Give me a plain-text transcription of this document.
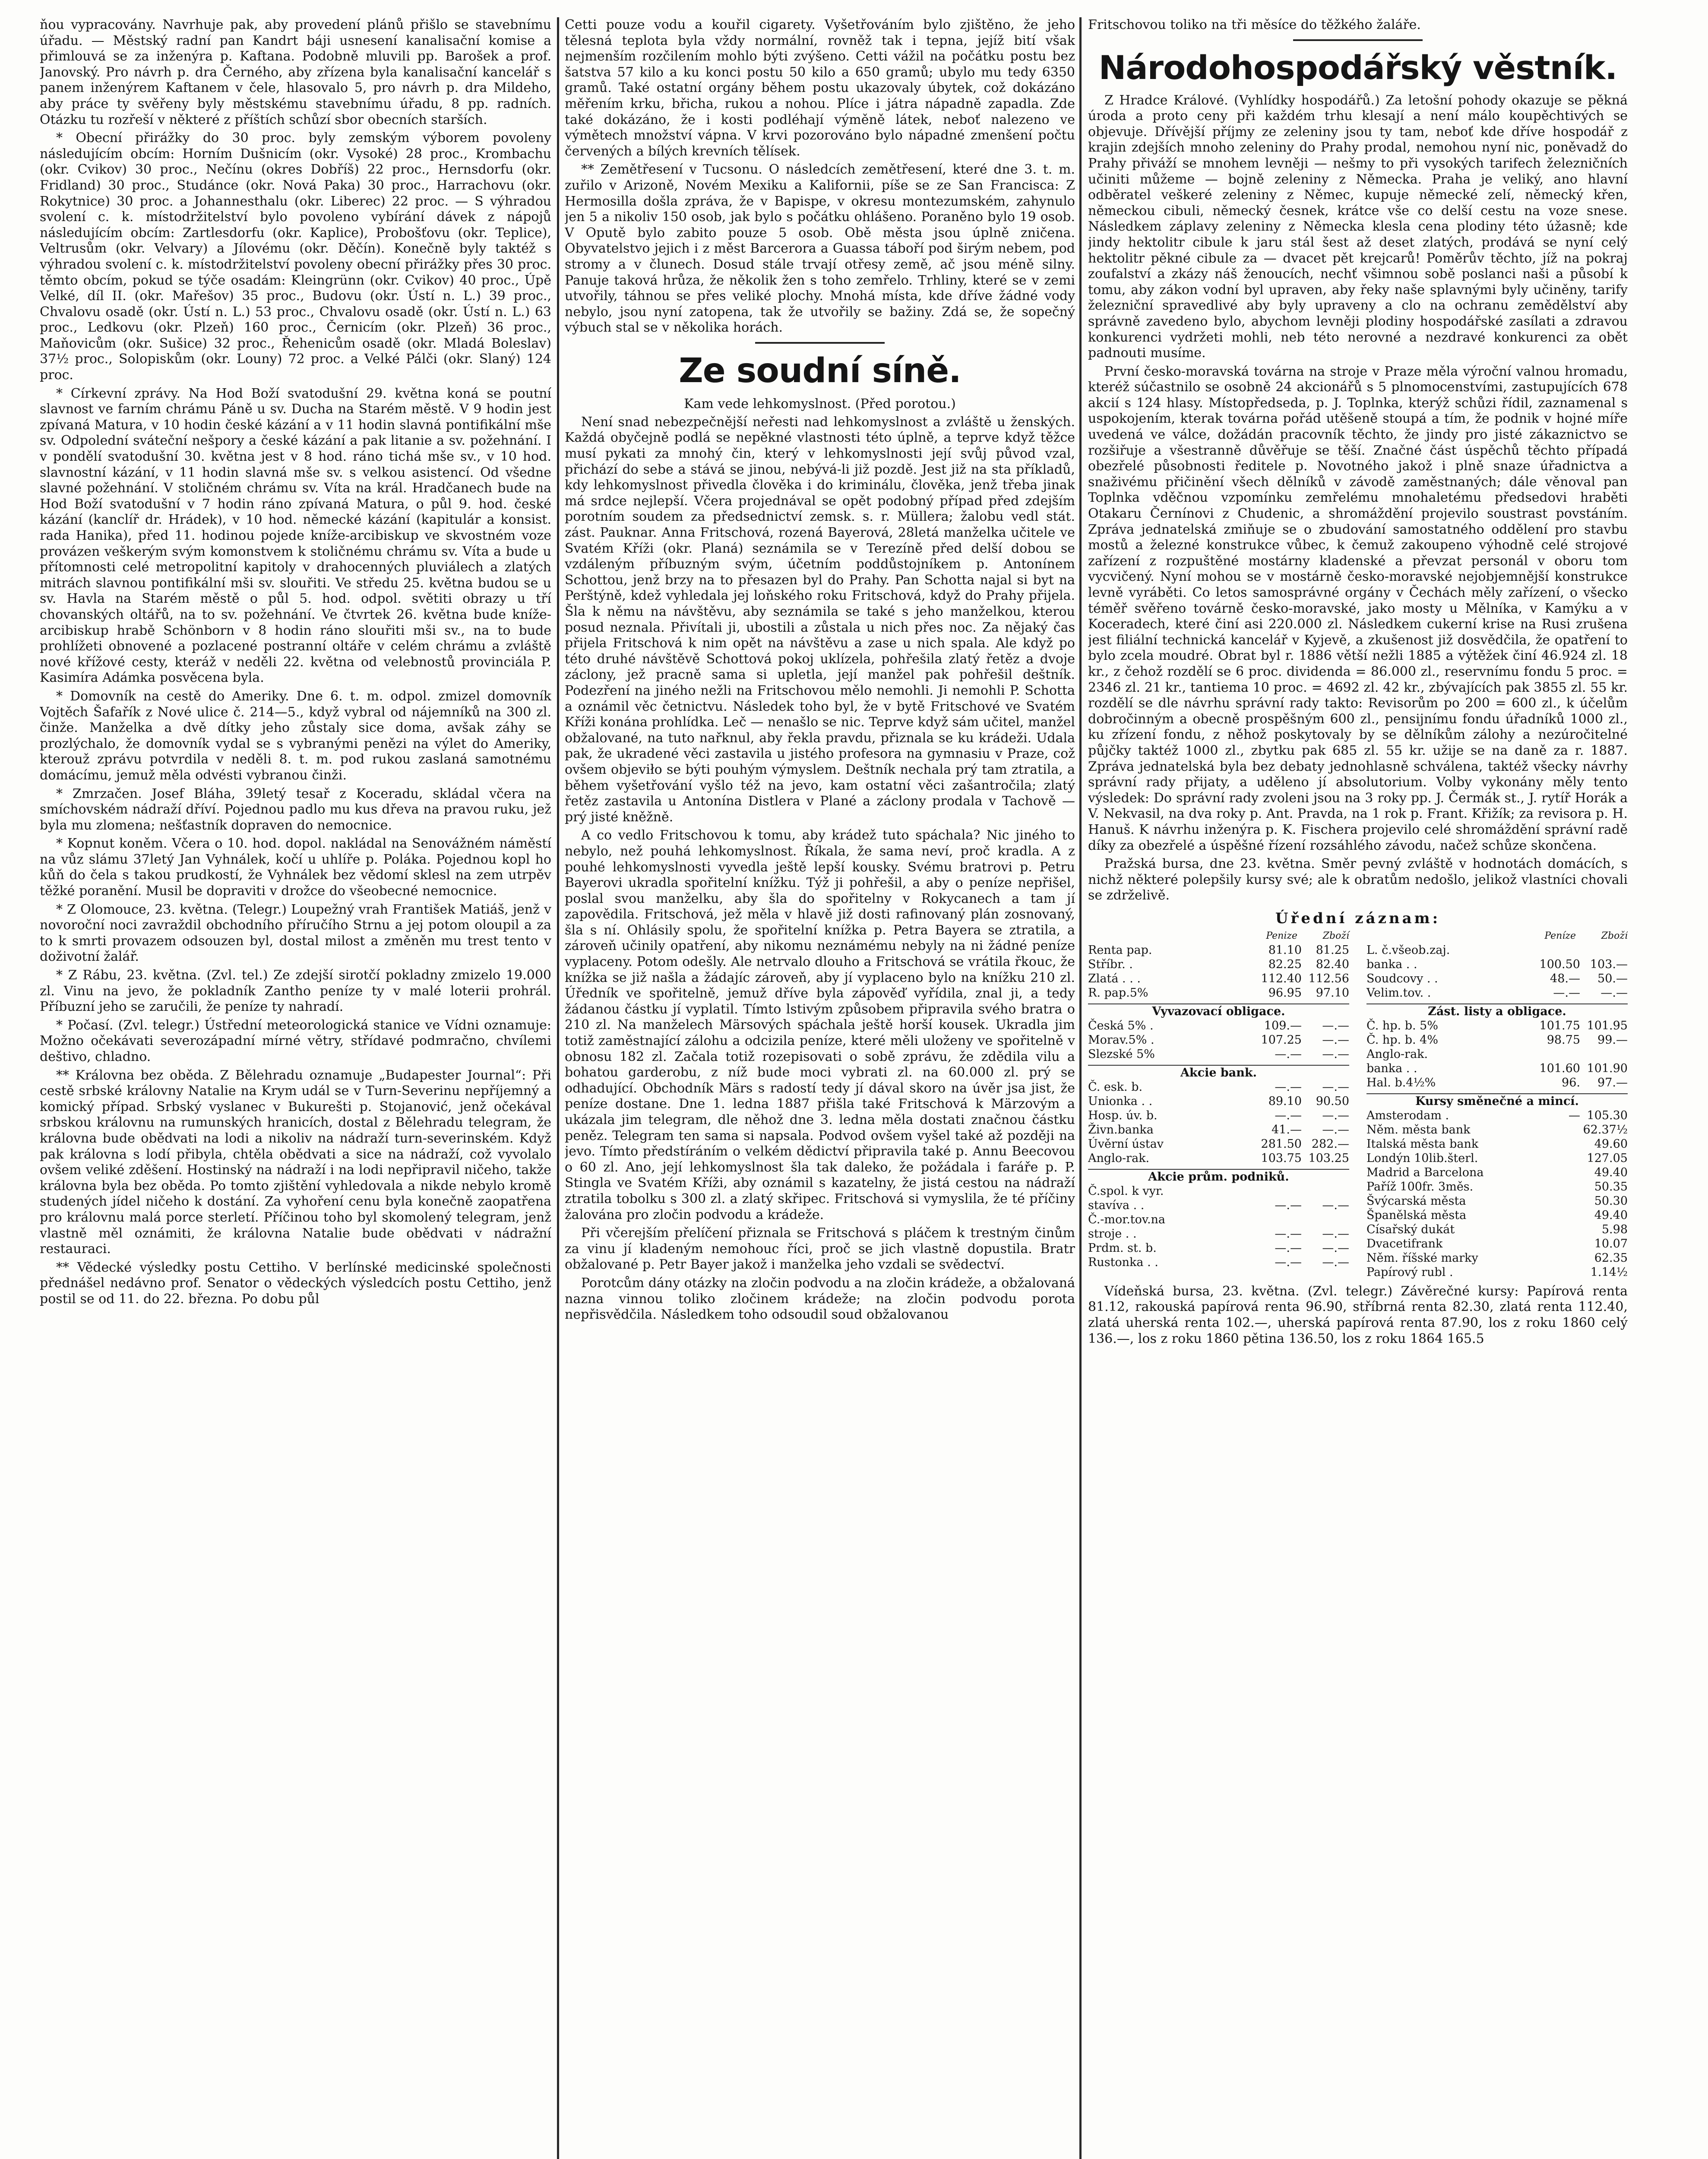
ňou vypracovány. Navrhuje pak, aby provedení plánů přišlo se stavebnímu úřadu. — Městský radní pan Kandrt báji usnesení kanalisační komise a přimlouvá se za inženýra p. Kaftana. Podobně mluvili pp. Barošek a prof. Janovský. Pro návrh p. dra Černého, aby zřízena byla kanalisační kancelář s panem inženýrem Kaftanem v čele, hlasovalo 5, pro návrh p. dra Mildeho, aby práce ty svěřeny byly městskému stavebnímu úřadu, 8 pp. radních. Otázku tu rozřeší v některé z příštích schůzí sbor obecních starších.

* Obecní přirážky do 30 proc. byly zemským výborem povoleny následujícím obcím: Horním Dušnicím (okr. Vysoké) 28 proc., Krombachu (okr. Cvikov) 30 proc., Nečínu (okres Dobříš) 22 proc., Hernsdorfu (okr. Fridland) 30 proc., Studánce (okr. Nová Paka) 30 proc., Harrachovu (okr. Rokytnice) 30 proc. a Johannesthalu (okr. Liberec) 22 proc. — S výhradou svolení c. k. místodržitelství bylo povoleno vybírání dávek z nápojů následujícím obcím: Zartlesdorfu (okr. Kaplice), Probošťovu (okr. Teplice), Veltrusům (okr. Velvary) a Jílovému (okr. Děčín). Konečně byly taktéž s výhradou svolení c. k. místodržitelství povoleny obecní přirážky přes 30 proc. těmto obcím, pokud se týče osadám: Kleingrünn (okr. Cvikov) 40 proc., Úpě Velké, díl II. (okr. Mařešov) 35 proc., Budovu (okr. Ústí n. L.) 39 proc., Chvalovu osadě (okr. Ústí n. L.) 53 proc., Chvalovu osadě (okr. Ústí n. L.) 63 proc., Ledkovu (okr. Plzeň) 160 proc., Černicím (okr. Plzeň) 36 proc., Maňovicům (okr. Sušice) 32 proc., Řehenicům osadě (okr. Mladá Boleslav) 37½ proc., Solopiskům (okr. Louny) 72 proc. a Velké Pálči (okr. Slaný) 124 proc.

* Církevní zprávy. Na Hod Boží svatodušní 29. května koná se poutní slavnost ve farním chrámu Páně u sv. Ducha na Starém městě. V 9 hodin jest zpívaná Matura, v 10 hodin české kázání a v 11 hodin slavná pontifikální mše sv. Odpolední sváteční nešpory a české kázání a pak litanie a sv. požehnání. I v pondělí svatodušní 30. května jest v 8 hod. ráno tichá mše sv., v 10 hod. slavnostní kázání, v 11 hodin slavná mše sv. s velkou asistencí. Od všedne slavné požehnání. V stoličném chrámu sv. Víta na král. Hradčanech bude na Hod Boží svatodušní v 7 hodin ráno zpívaná Matura, o půl 9. hod. české kázání (kanclíř dr. Hrádek), v 10 hod. německé kázání (kapitulár a konsist. rada Hanika), před 11. hodinou pojede kníže-arcibiskup ve skvostném voze provázen veškerým svým komonstvem k stoličnému chrámu sv. Víta a bude u přítomnosti celé metropolitní kapitoly v drahocenných pluviálech a zlatých mitrách slavnou pontifikální mši sv. slouřiti. Ve středu 25. května budou se u sv. Havla na Starém městě o půl 5. hod. odpol. světiti obrazy u tří chovanských oltářů, na to sv. požehnání. Ve čtvrtek 26. května bude kníže-arcibiskup hrabě Schönborn v 8 hodin ráno slouřiti mši sv., na to bude prohlížeti obnovené a pozlacené postranní oltáře v celém chrámu a zvláště nové křížové cesty, kteráž v neděli 22. května od velebnostů provinciála P. Kasimíra Adámka posvěcena byla.

* Domovník na cestě do Ameriky. Dne 6. t. m. odpol. zmizel domovník Vojtěch Šafařík z Nové ulice č. 214—5., když vybral od nájemníků na 300 zl. činže. Manželka a dvě dítky jeho zůstaly sice doma, avšak záhy se prozlýchalo, že domovník vydal se s vybranými penězi na výlet do Ameriky, kterouž zprávu potvrdila v neděli 8. t. m. pod rukou zaslaná samotnému domácímu, jemuž měla odvésti vybranou činži.

* Zmrzačen. Josef Bláha, 39letý tesař z Koceradu, skládal včera na smíchovském nádraží dříví. Pojednou padlo mu kus dřeva na pravou ruku, jež byla mu zlomena; nešťastník dopraven do nemocnice.

* Kopnut koněm. Včera o 10. hod. dopol. nakládal na Senovážném náměstí na vůz slámu 37letý Jan Vyhnálek, kočí u uhlíře p. Poláka. Pojednou kopl ho kůň do čela s takou prudkostí, že Vyhnálek bez vědomí sklesl na zem utrpěv těžké poranění. Musil be dopraviti v drožce do všeobecné nemocnice.

* Z Olomouce, 23. května. (Telegr.) Loupežný vrah František Matiáš, jenž v novoroční noci zavraždil obchodního příručího Strnu a jej potom oloupil a za to k smrti provazem odsouzen byl, dostal milost a změněn mu trest tento v doživotní žalář.

* Z Rábu, 23. května. (Zvl. tel.) Ze zdejší sirotčí pokladny zmizelo 19.000 zl. Vinu na jevo, že pokladník Zantho peníze ty v malé loterii prohrál. Příbuzní jeho se zaručili, že peníze ty nahradí.

* Počasí. (Zvl. telegr.) Ústřední meteorologická stanice ve Vídni oznamuje: Možno očekávati severozápadní mírné větry, střídavé podmračno, chvílemi deštivo, chladno.

** Královna bez oběda. Z Bělehradu oznamuje „Budapester Journal“: Při cestě srbské královny Natalie na Krym udál se v Turn-Severinu nepříjemný a komický případ. Srbský vyslanec v Bukurešti p. Stojanović, jenž očekával srbskou královnu na rumunských hranicích, dostal z Bělehradu telegram, že královna bude obědvati na lodi a nikoliv na nádraží turn-severinském. Když pak královna s lodí přibyla, chtěla obědvati a sice na nádraží, což vyvolalo ovšem veliké zděšení. Hostinský na nádraží i na lodi nepřipravil ničeho, takže královna byla bez oběda. Po tomto zjištění vyhledovala a nikde nebylo kromě studených jídel ničeho k dostání. Za vyhoření cenu byla konečně zaopatřena pro královnu malá porce sterletí. Příčinou toho byl skomolený telegram, jenž vlastně měl oznámiti, že královna Natalie bude obědvati v nádražní restauraci.

** Vědecké výsledky postu Cettiho. V berlínské medicinské společnosti přednášel nedávno prof. Senator o vědeckých výsledcích postu Cettiho, jenž postil se od 11. do 22. března. Po dobu půl

Cetti pouze vodu a kouřil cigarety. Vyšetřováním bylo zjištěno, že jeho tělesná teplota byla vždy normální, rovněž tak i tepna, jejíž bití však nejmenším rozčilením mohlo býti zvýšeno. Cetti vážil na počátku postu bez šatstva 57 kilo a ku konci postu 50 kilo a 650 gramů; ubylo mu tedy 6350 gramů. Také ostatní orgány během postu ukazovaly úbytek, což dokázáno měřením krku, břicha, rukou a nohou. Plíce i játra nápadně zapadla. Zde také dokázáno, že i kosti podléhají výměně látek, neboť nalezeno ve výmětech množství vápna. V krvi pozorováno bylo nápadné zmenšení počtu červených a bílých krevních tělísek.

** Zemětřesení v Tucsonu. O následcích zemětřesení, které dne 3. t. m. zuřilo v Arizoně, Novém Mexiku a Kalifornii, píše se ze San Francisca: Z Hermosilla došla zpráva, že v Bapispe, v okresu montezumském, zahynulo jen 5 a nikoliv 150 osob, jak bylo s počátku ohlášeno. Poraněno bylo 19 osob. V Oputě bylo zabito pouze 5 osob. Obě města jsou úplně zničena. Obyvatelstvo jejich i z měst Barcerora a Guassa táboří pod širým nebem, pod stromy a v člunech. Dosud stále trvají otřesy země, ač jsou méně silny. Panuje taková hrůza, že několik žen s toho zemřelo. Trhliny, které se v zemi utvořily, táhnou se přes veliké plochy. Mnohá místa, kde dříve žádné vody nebylo, jsou nyní zatopena, tak že utvořily se bažiny. Zdá se, že sopečný výbuch stal se v několika horách.

Ze soudní síně.
Kam vede lehkomyslnost. (Před porotou.)

Není snad nebezpečnější neřesti nad lehkomyslnost a zvláště u ženských. Každá obyčejně podlá se nepěkné vlastnosti této úplně, a teprve když těžce musí pykati za mnohý čin, který v lehkomyslnosti její svůj původ vzal, přichází do sebe a stává se jinou, nebývá-li již pozdě. Jest již na sta příkladů, kdy lehkomyslnost přivedla člověka i do kriminálu, člověka, jenž třeba jinak má srdce nejlepší. Včera projednával se opět podobný případ před zdejším porotním soudem za předsednictví zemsk. s. r. Müllera; žalobu vedl stát. zást. Pauknar. Anna Fritschová, rozená Bayerová, 28letá manželka učitele ve Svatém Kříži (okr. Planá) seznámila se v Terezíně před delší dobou se vzdáleným příbuzným svým, účetním poddůstojníkem p. Antonínem Schottou, jenž brzy na to přesazen byl do Prahy. Pan Schotta najal si byt na Perštýně, kdež vyhledala jej loňského roku Fritschová, když do Prahy přijela. Šla k němu na návštěvu, aby seznámila se také s jeho manželkou, kterou posud neznala. Přivítali ji, ubostili a zůstala u nich přes noc. Za nějaký čas přijela Fritschová k nim opět na návštěvu a zase u nich spala. Ale když po této druhé návštěvě Schottová pokoj uklízela, pohřešila zlatý řetěz a dvoje záclony, jež pracně sama si upletla, její manžel pak pohřešil deštník. Podezření na jiného nežli na Fritschovou mělo nemohli. Ji nemohli P. Schotta a oznámil věc četnictvu. Následek toho byl, že v bytě Fritschové ve Svatém Kříži konána prohlídka. Leč — nenašlo se nic. Teprve když sám učitel, manžel obžalované, na tuto nařknul, aby řekla pravdu, přiznala se ku krádeži. Udala pak, že ukradené věci zastavila u jistého profesora na gymnasiu v Praze, což ovšem objeviło se býti pouhým výmyslem. Deštník nechala prý tam ztratila, a během vyšetřování vyšlo též na jevo, kam ostatní věci zašantročila; zlatý řetěz zastavila u Antonína Distlera v Plané a záclony prodala v Tachově — prý jisté kněžně.

A co vedlo Fritschovou k tomu, aby krádež tuto spáchala? Nic jiného to nebylo, než pouhá lehkomyslnost. Říkala, že sama neví, proč kradla. A z pouhé lehkomyslnosti vyvedla ještě lepší kousky. Svému bratrovi p. Petru Bayerovi ukradla spořitelní knížku. Týž ji pohřešil, a aby o peníze nepřišel, poslal svou manželku, aby šla do spořitelny v Rokycanech a tam jí zapovědila. Fritschová, jež měla v hlavě již dosti rafinovaný plán zosnovaný, šla s ní. Ohlásily spolu, že spořitelní knížka p. Petra Bayera se ztratila, a zároveň učinily opatření, aby nikomu neznámému nebyly na ni žádné peníze vyplaceny. Potom odešly. Ale netrvalo dlouho a Fritschová se vrátila řkouc, že knížka se již našla a žádajíc zároveň, aby jí vyplaceno bylo na knížku 210 zl. Úředník ve spořitelně, jemuž dříve byla zápověď vyřídila, znal ji, a tedy žádanou částku jí vyplatil. Tímto lstivým způsobem připravila svého bratra o 210 zl. Na manželech Märsových spáchala ještě horší kousek. Ukradla jim totiž zaměstnající zálohu a odcizila peníze, které měli uloženy ve spořitelně v obnosu 182 zl. Začala totiž rozepisovati o sobě zprávu, že zdědila vilu a bohatou garderobu, z níž bude moci vybrati zl. na 60.000 zl. prý se odhadující. Obchodník Märs s radostí tedy jí dával skoro na úvěr jsa jist, že peníze dostane. Dne 1. ledna 1887 přišla také Fritschová k Märzovým a ukázala jim telegram, dle něhož dne 3. ledna měla dostati značnou částku peněz. Telegram ten sama si napsala. Podvod ovšem vyšel také až později na jevo. Tímto předstíráním o velkém dědictví připravila také p. Annu Beecovou o 60 zl. Ano, její lehkomyslnost šla tak daleko, že požádala i faráře p. P. Stingla ve Svatém Kříži, aby oznámil s kazatelny, že jistá cestou na nádraží ztratila tobolku s 300 zl. a zlatý skřipec. Fritschová si vymyslila, že té příčiny žalována pro zločin podvodu a krádeže.

Při včerejším přelíčení přiznala se Fritschová s pláčem k trestným činům za vinu jí kladeným nemohouc říci, proč se jich vlastně dopustila. Bratr obžalované p. Petr Bayer jakož i manželka jeho vzdali se svědectví.

Porotcům dány otázky na zločin podvodu a na zločin krádeže, a obžalovaná nazna vinnou toliko zločinem krádeže; na zločin podvodu porota nepřisvědčila. Následkem toho odsoudil soud obžalovanou

Fritschovou toliko na tři měsíce do těžkého žaláře.

Národohospodářský věstník.

Z Hradce Králové. (Vyhlídky hospodářů.) Za letošní pohody okazuje se pěkná úroda a proto ceny při každém trhu klesají a není málo koupěchtivých se objevuje. Dřívější příjmy ze zeleniny jsou ty tam, neboť kde dříve hospodář z krajin zdejších mnoho zeleniny do Prahy prodal, nemohou nyní nic, poněvadž do Prahy přiváží se mnohem levněji — nešmy to při vysokých tarifech železničních učiniti můžeme — bojně zeleniny z Německa. Praha je veliký, ano hlavní odběratel veškeré zeleniny z Němec, kupuje německé zelí, německý křen, německou cibuli, německý česnek, krátce vše co delší cestu na voze snese. Následkem záplavy zeleniny z Německa klesla cena plodiny této úžasně; kde jindy hektolitr cibule k jaru stál šest až deset zlatých, prodává se nyní celý hektolitr pěkné cibule za — dvacet pět krejcarů! Poměrův těchto, jíž na pokraj zoufalství a zkázy náš ženoucích, nechť všimnou sobě poslanci naši a působí k tomu, aby zákon vodní byl upraven, aby řeky naše splavnými byly učiněny, tarify železniční spravedlivé aby byly upraveny a clo na ochranu zemědělství aby správně zavedeno bylo, abychom levněji plodiny hospodářské zasílati a zdravou konkurenci vydržeti mohli, neb této nerovné a nezdravé konkurenci za obět padnouti musíme.

První česko-moravská továrna na stroje v Praze měla výroční valnou hromadu, kteréž súčastnilo se osobně 24 akcionářů s 5 plnomocenstvími, zastupujících 678 akcií s 124 hlasy. Místopředseda, p. J. Toplnka, kterýž schůzi řídil, zaznamenal s uspokojením, kterak továrna pořád utěšeně stoupá a tím, že podnik v hojné míře uvedená ve válce, dožádán pracovník těchto, že jindy pro jisté zákaznictvo se rozšiřuje a všestranně důvěřuje se těší. Značné část úspěchů těchto případá obezřelé působnosti ředitele p. Novotného jakož i plně snaze úřadnictva a snaživému přičinění všech dělníků v závodě zaměstnaných; dále věnoval pan Toplnka vděčnou vzpomínku zemřelému mnohaletému předsedovi hraběti Otakaru Černínovi z Chudenic, a shromáždění projevilo soustrast povstáním. Zpráva jednatelská zmiňuje se o zbudování samostatného oddělení pro stavbu mostů a železné konstrukce vůbec, k čemuž zakoupeno výhodně celé strojové zařízení z rozpuštěné mostárny kladenské a převzat personál v oboru tom vycvičený. Nyní mohou se v mostárně česko-moravské nejobjemnější konstrukce levně vyráběti. Co letos samosprávné orgány v Čechách měly zařízení, o všecko téměř svěřeno továrně česko-moravské, jako mosty u Mělníka, v Kamýku a v Koceradech, které činí asi 220.000 zl. Následkem cukerní krise na Rusi zrušena jest filiální technická kancelář v Kyjevě, a zkušenost již dosvědčila, že opatření to bylo zcela moudré. Obrat byl r. 1886 větší nežli 1885 a výtěžek činí 46.924 zl. 18 kr., z čehož rozdělí se 6 proc. dividenda = 86.000 zl., reservnímu fondu 5 proc. = 2346 zl. 21 kr., tantiema 10 proc. = 4692 zl. 42 kr., zbývajících pak 3855 zl. 55 kr. rozdělí se dle návrhu správní rady takto: Revisorům po 200 = 600 zl., k účelům dobročinným a obecně prospěšným 600 zl., pensijnímu fondu úřadníků 1000 zl., ku zřízení fondu, z něhož poskytovaly by se dělníkům zálohy a nezúročitelné půjčky taktéž 1000 zl., zbytku pak 685 zl. 55 kr. užije se na daně za r. 1887. Zpráva jednatelská byla bez debaty jednohlasně schválena, taktéž všecky návrhy správní rady přijaty, a uděleno jí absolutorium. Volby vykonány měly tento výsledek: Do správní rady zvoleni jsou na 3 roky pp. J. Čermák st., J. rytíř Horák a V. Nekvasil, na dva roky p. Ant. Pravda, na 1 rok p. Frant. Křižík; za revisora p. H. Hanuš. K návrhu inženýra p. K. Fischera projevilo celé shromáždění správní radě díky za obezřelé a úspěšné řízení rozsáhlého závodu, načež schůze skončena.

Pražská bursa, dne 23. května. Směr pevný zvláště v hodnotách domácích, s nichž některé polepšily kursy své; ale k obratům nedošlo, jelikož vlastníci chovali se zdrželivě.

Úřední záznam:
Penize	Zboží
Renta pap.	81.10	81.25
Stříbr. .	82.25	82.40
Zlatá . . .	112.40 112.56
R. pap.5%	96.95	97.10
Vyvazovací obligace.
Česká 5% .	109.—	—.—
Morav.5% .	107.25	—.—
Slezské 5%	—.—	—.—
Akcie bank.
Č. esk. b.	—.—	—.—
Unionka . .	89.10	90.50
Hosp. úv. b.	—.—	—.—
Živn.banka	41.—	—.—
Úvěrní ústav	281.50 282.—
Anglo-rak.	103.75 103.25
Akcie prům. podniků.
Č.spol. k vyr.
stavíva . .	—.—	—.—
Č.-mor.tov.na
stroje . .	—.—	—.—
Prdm. st. b.	—.—	—.—
Rustonka . .	—.—	—.—
Peníze	Zboží
L. č.všeob.zaj.
banka . .	100.50 103.—
Soudcovy . .	48.—	50.—
Velim.tov. .	—.—	—.—
Zást. listy a obligace.
Č. hp. b. 5%	101.75 101.95
Č. hp. b. 4%	98.75	99.—
Anglo-rak.
banka . .	101.60 101.90
Hal. b.4½%	96.	97.—
Kursy směnečné a mincí.
Amsterodam .	— 105.30
Něm. města bank	62.37½
Italská města bank	49.60
Londýn 10lib.šterl.	127.05
Madrid a Barcelona	49.40
Paříž 100fr. 3měs.	50.35
Švýcarská města	50.30
Španělská města	49.40
Císařský dukát	5.98
Dvacetifrank	10.07
Něm. říšské marky	62.35
Papírový rubl .	1.14½

Vídeňská bursa, 23. května. (Zvl. telegr.) Závěrečné kursy: Papírová renta 81.12, rakouská papírová renta 96.90, stříbrná renta 82.30, zlatá renta 112.40, zlatá uherská renta 102.—, uherská papírová renta 87.90, los z roku 1860 celý 136.—, los z roku 1860 pětina 136.50, los z roku 1864 165.5
